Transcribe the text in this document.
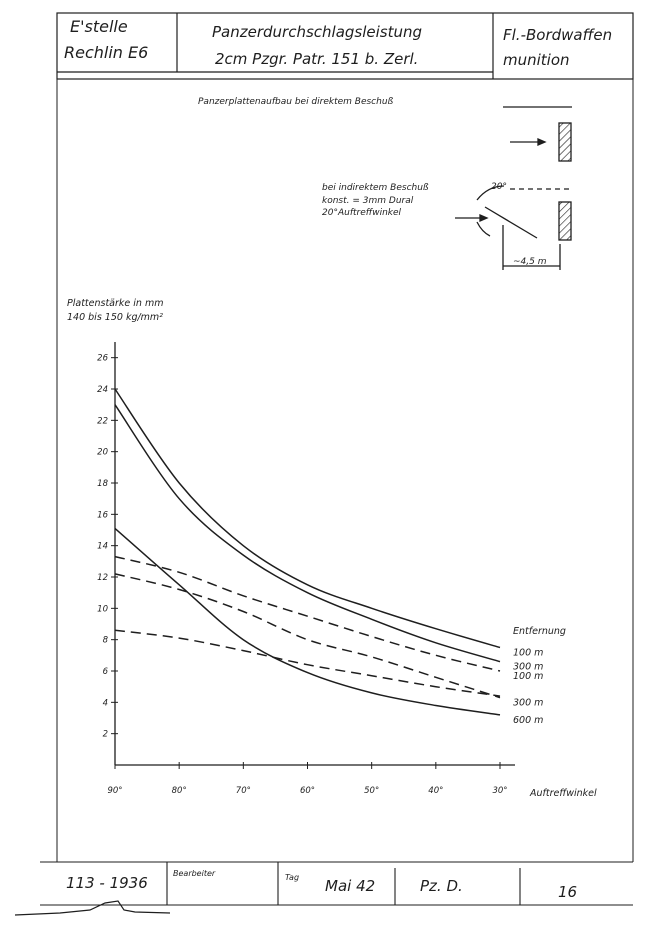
E'stelle
Rechlin E6
Panzerdurchschlagsleistung
2cm Pzgr. Patr. 151 b. Zerl.
Fl.-Bordwaffen
munition
Panzerplattenaufbau bei direktem Beschuß
bei indirektem Beschuß
konst. = 3mm Dural
20°Auftreffwinkel
20°
~4,5 m
Plattenstärke in mm
140 bis 150 kg/mm²
Auftreffwinkel
Entfernung
2
4
6
8
10
12
14
16
18
20
22
24
26
90°	80°	70°	60°	50°	40°	30°
100 m
300 m
100 m
300 m
600 m
113 - 1936
Bearbeiter	Tag Mai 42	Pz. D.	16
